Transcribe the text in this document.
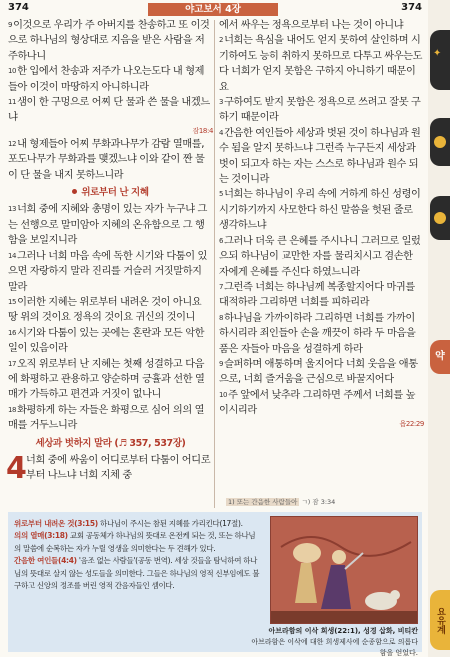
374	야고보서 4장	374

9이것으로 우리가 주 아버지를 찬송하고 또 이것으로 하나님의 형상대로 지음을 받은 사람을 저주하나니

10한 입에서 찬송과 저주가 나오는도다 내 형제들아 이것이 마땅하지 아니하니라

11샘이 한 구멍으로 어찌 단 물과 쓴 물을 내겠느냐

잠18:4

12내 형제들아 어찌 무화과나무가 감람 열매를, 포도나무가 무화과를 맺겠느냐 이와 같이 짠 물이 단 물을 내지 못하느니라

위로부터 난 지혜

13너희 중에 지혜와 총명이 있는 자가 누구냐 그는 선행으로 말미암아 지혜의 온유함으로 그 행함을 보일지니라

14그러나 너희 마음 속에 독한 시기와 다툼이 있으면 자랑하지 말라 진리를 거슬러 거짓말하지 말라

15이러한 지혜는 위로부터 내려온 것이 아니요 땅 위의 것이요 정욕의 것이요 귀신의 것이니

16시기와 다툼이 있는 곳에는 혼란과 모든 악한 일이 있음이라

17오직 위로부터 난 지혜는 첫째 성결하고 다음에 화평하고 관용하고 양순하며 긍휼과 선한 열매가 가득하고 편견과 거짓이 없나니

18화평하게 하는 자들은 화평으로 심어 의의 열매를 거두느니라

세상과 벗하지 말라 (♬ 357, 537장)
4 너희 중에 싸움이 어디로부터 다툼이 어디로부터 나느냐 너희 지체 중

에서 싸우는 정욕으로부터 나는 것이 아니냐

2너희는 욕심을 내어도 얻지 못하여 살인하며 시기하여도 능히 취하지 못하므로 다투고 싸우는도다 너희가 얻지 못함은 구하지 아니하기 때문이요

3구하여도 받지 못함은 정욕으로 쓰려고 잘못 구하기 때문이라

4간음한 여인들아 세상과 벗된 것이 하나님과 원수 됨을 알지 못하느냐 그런즉 누구든지 세상과 벗이 되고자 하는 자는 스스로 하나님과 원수 되는 것이니라

5너희는 하나님이 우리 속에 거하게 하신 성령이 시기하기까지 사모한다 하신 말씀을 헛된 줄로 생각하느냐

6그러나 더욱 큰 은혜를 주시나니 그러므로 일렀으되 하나님이 교만한 자를 물리치시고 겸손한 자에게 은혜를 주신다 하였느니라

7그런즉 너희는 하나님께 복종할지어다 마귀를 대적하라 그리하면 너희를 피하리라

8하나님을 가까이하라 그리하면 너희를 가까이하시리라 죄인들아 손을 깨끗이 하라 두 마음을 품은 자들아 마음을 성결하게 하라

9슬퍼하며 애통하며 울지어다 너희 웃음을 애통으로, 너희 즐거움을 근심으로 바꿀지어다

10주 앞에서 낮추라 그리하면 주께서 너희를 높이시리라

욥22:29
1) 또는 간음한 사람들아 ㄱ) 잠 3:34
위로부터 내려온 것(3:15) 하나님이 주시는 참된 지혜를 가리킨다(17절).
의의 열매(3:18) 교회 공동체가 하나님의 뜻대로 온전케 되는 것, 또는 하나님의 말씀에 순복하는 자가 누릴 영생을 의미한다는 두 견해가 있다.
간음한 여인들(4:4) '음조 없는 사람들'(공동 번역). 세상 것들을 탐닉하여 하나님의 뜻대로 살지 않는 성도들을 의미한다. 그들은 하나님의 영적 신부임에도 불구하고 신앙의 정조를 버린 영적 간음자들인 셈이다.
아브라함의 이삭 희생(22:1), 성경 삽화, 비티칸
아브라함은 이삭에 대한 희생제사에 순종함으로 의롭다 함을 얻었다.
✦
약
요유계
